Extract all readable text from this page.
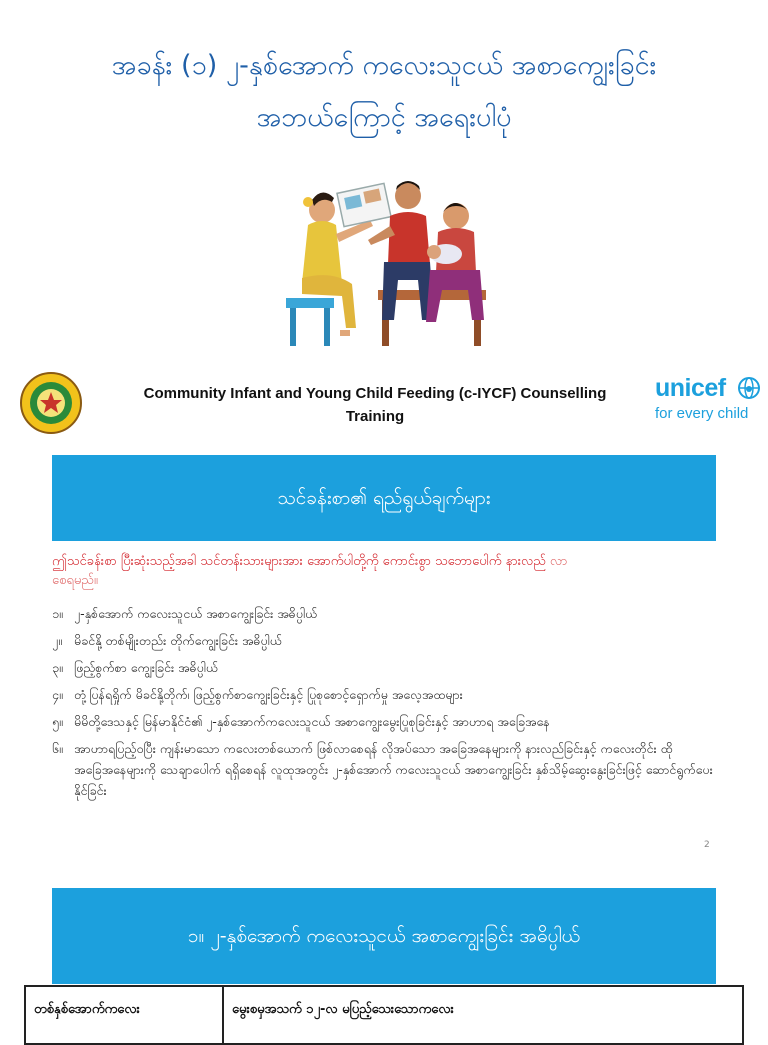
အခန်း (၁) ၂-နှစ်အောက် ကလေးသူငယ် အစာကျွေးခြင်း
အဘယ်ကြောင့် အရေးပါပုံ
Community Infant and Young Child Feeding (c-IYCF) Counselling
Training
unicef
for every child
သင်ခန်းစာ၏ ရည်ရွယ်ချက်များ
ဤသင်ခန်းစာ ပြီးဆုံးသည့်အခါ သင်တန်းသားများအား အောက်ပါတို့ကို ကောင်းစွာ သဘောပေါက် နားလည် လာ
စေရမည်။
၁။ ၂-နှစ်အောက် ကလေးသူငယ် အစာကျွေးခြင်း အဓိပ္ပါယ်
၂။ မိခင်နို့ တစ်မျိုးတည်း တိုက်ကျွေးခြင်း အဓိပ္ပါယ်
၃။ ဖြည့်စွက်စာ ကျွေးခြင်း အဓိပ္ပါယ်
၄။ တုံ့ပြန်ရရှိုက် မိခင်နို့တိုက်၊ ဖြည့်စွက်စာကျွေးခြင်းနှင့် ပြုစုစောင့်ရှောက်မှု အလေ့အထများ
၅။ မိမိတို့ဒေသနှင့် မြန်မာနိုင်ငံ၏ ၂-နှစ်အောက်ကလေးသူငယ် အစာကျွေးမွေးပြုစုခြင်းနှင့် အာဟာရ အခြေအနေ
၆။ အာဟာရပြည့်ဝပြီး ကျန်းမာသော ကလေးတစ်ယောက် ဖြစ်လာစေရန် လိုအပ်သော အခြေအနေများကို နားလည်ခြင်းနှင့် ကလေးတိုင်း ထိုအခြေအနေများကို သေချာပေါက် ရရှိစေရန် လူထုအတွင်း ၂-နှစ်အောက် ကလေးသူငယ် အစာကျွေးခြင်း နှစ်သိမ့်ဆွေးနွေးခြင်းဖြင့် ဆောင်ရွက်ပေးနိုင်ခြင်း
2
၁။ ၂-နှစ်အောက် ကလေးသူငယ် အစာကျွေးခြင်း အဓိပ္ပါယ်
တစ်နှစ်အောက်ကလေး	မွေးစမှအသက် ၁၂-လ မပြည့်သေးသောကလေး
